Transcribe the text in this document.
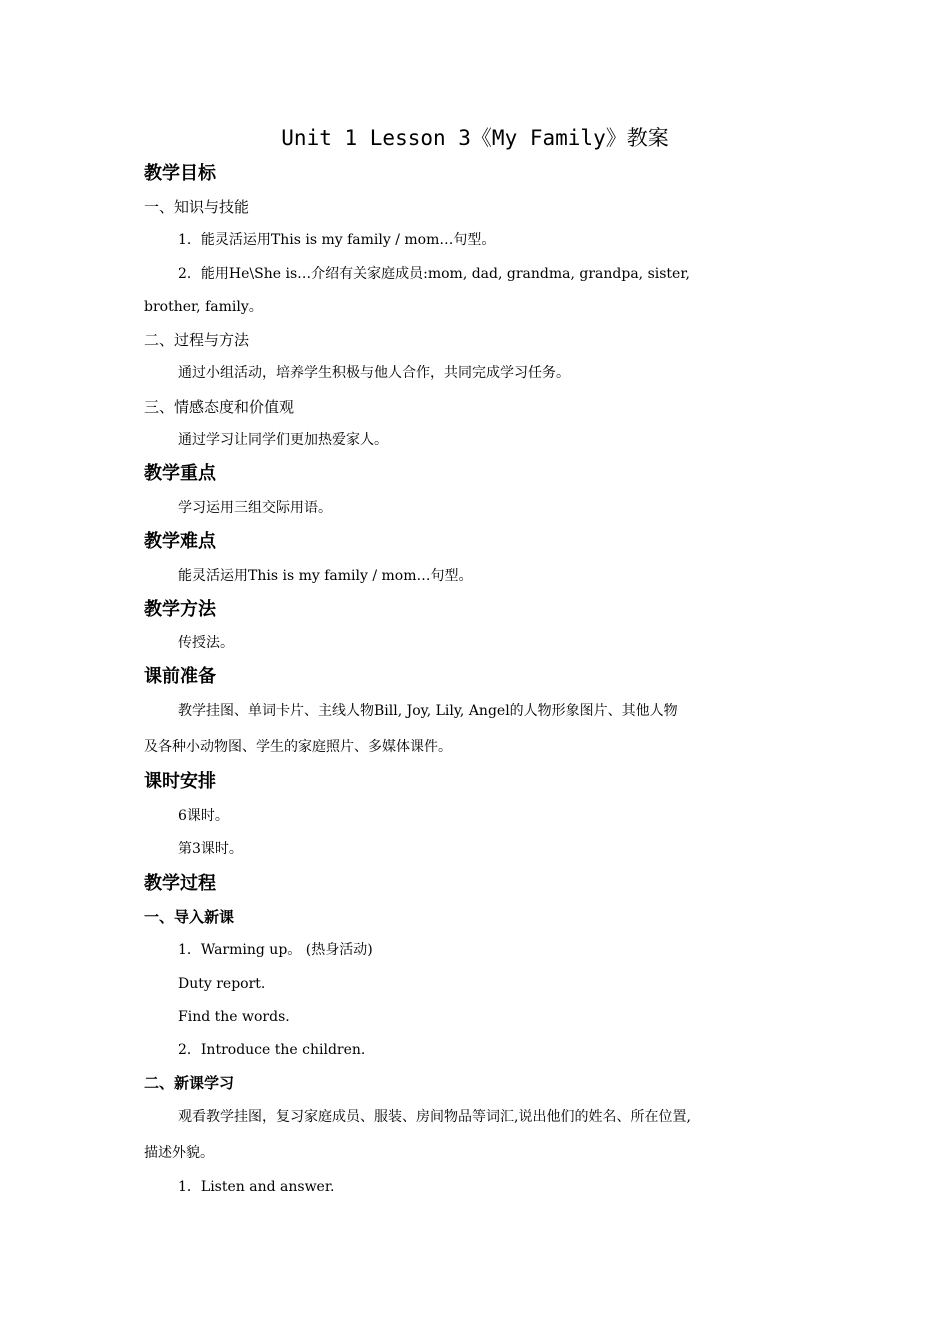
Unit 1 Lesson 3《My Family》教案
教学目标
一、知识与技能
1．能灵活运用This is my family / mom…句型。
2．能用He\She is…介绍有关家庭成员:mom, dad, grandma, grandpa, sister,
brother, family。
二、过程与方法
通过小组活动，培养学生积极与他人合作，共同完成学习任务。
三、情感态度和价值观
通过学习让同学们更加热爱家人。
教学重点
学习运用三组交际用语。
教学难点
能灵活运用This is my family / mom…句型。
教学方法
传授法。
课前准备
教学挂图、单词卡片、主线人物Bill, Joy, Lily, Angel的人物形象图片、其他人物
及各种小动物图、学生的家庭照片、多媒体课件。
课时安排
6课时。
第3课时。
教学过程
一、导入新课
1．Warming up。 (热身活动)
Duty report.
Find the words.
2．Introduce the children.
二、新课学习
观看教学挂图，复习家庭成员、服装、房间物品等词汇,说出他们的姓名、所在位置,
描述外貌。
1．Listen and answer.
